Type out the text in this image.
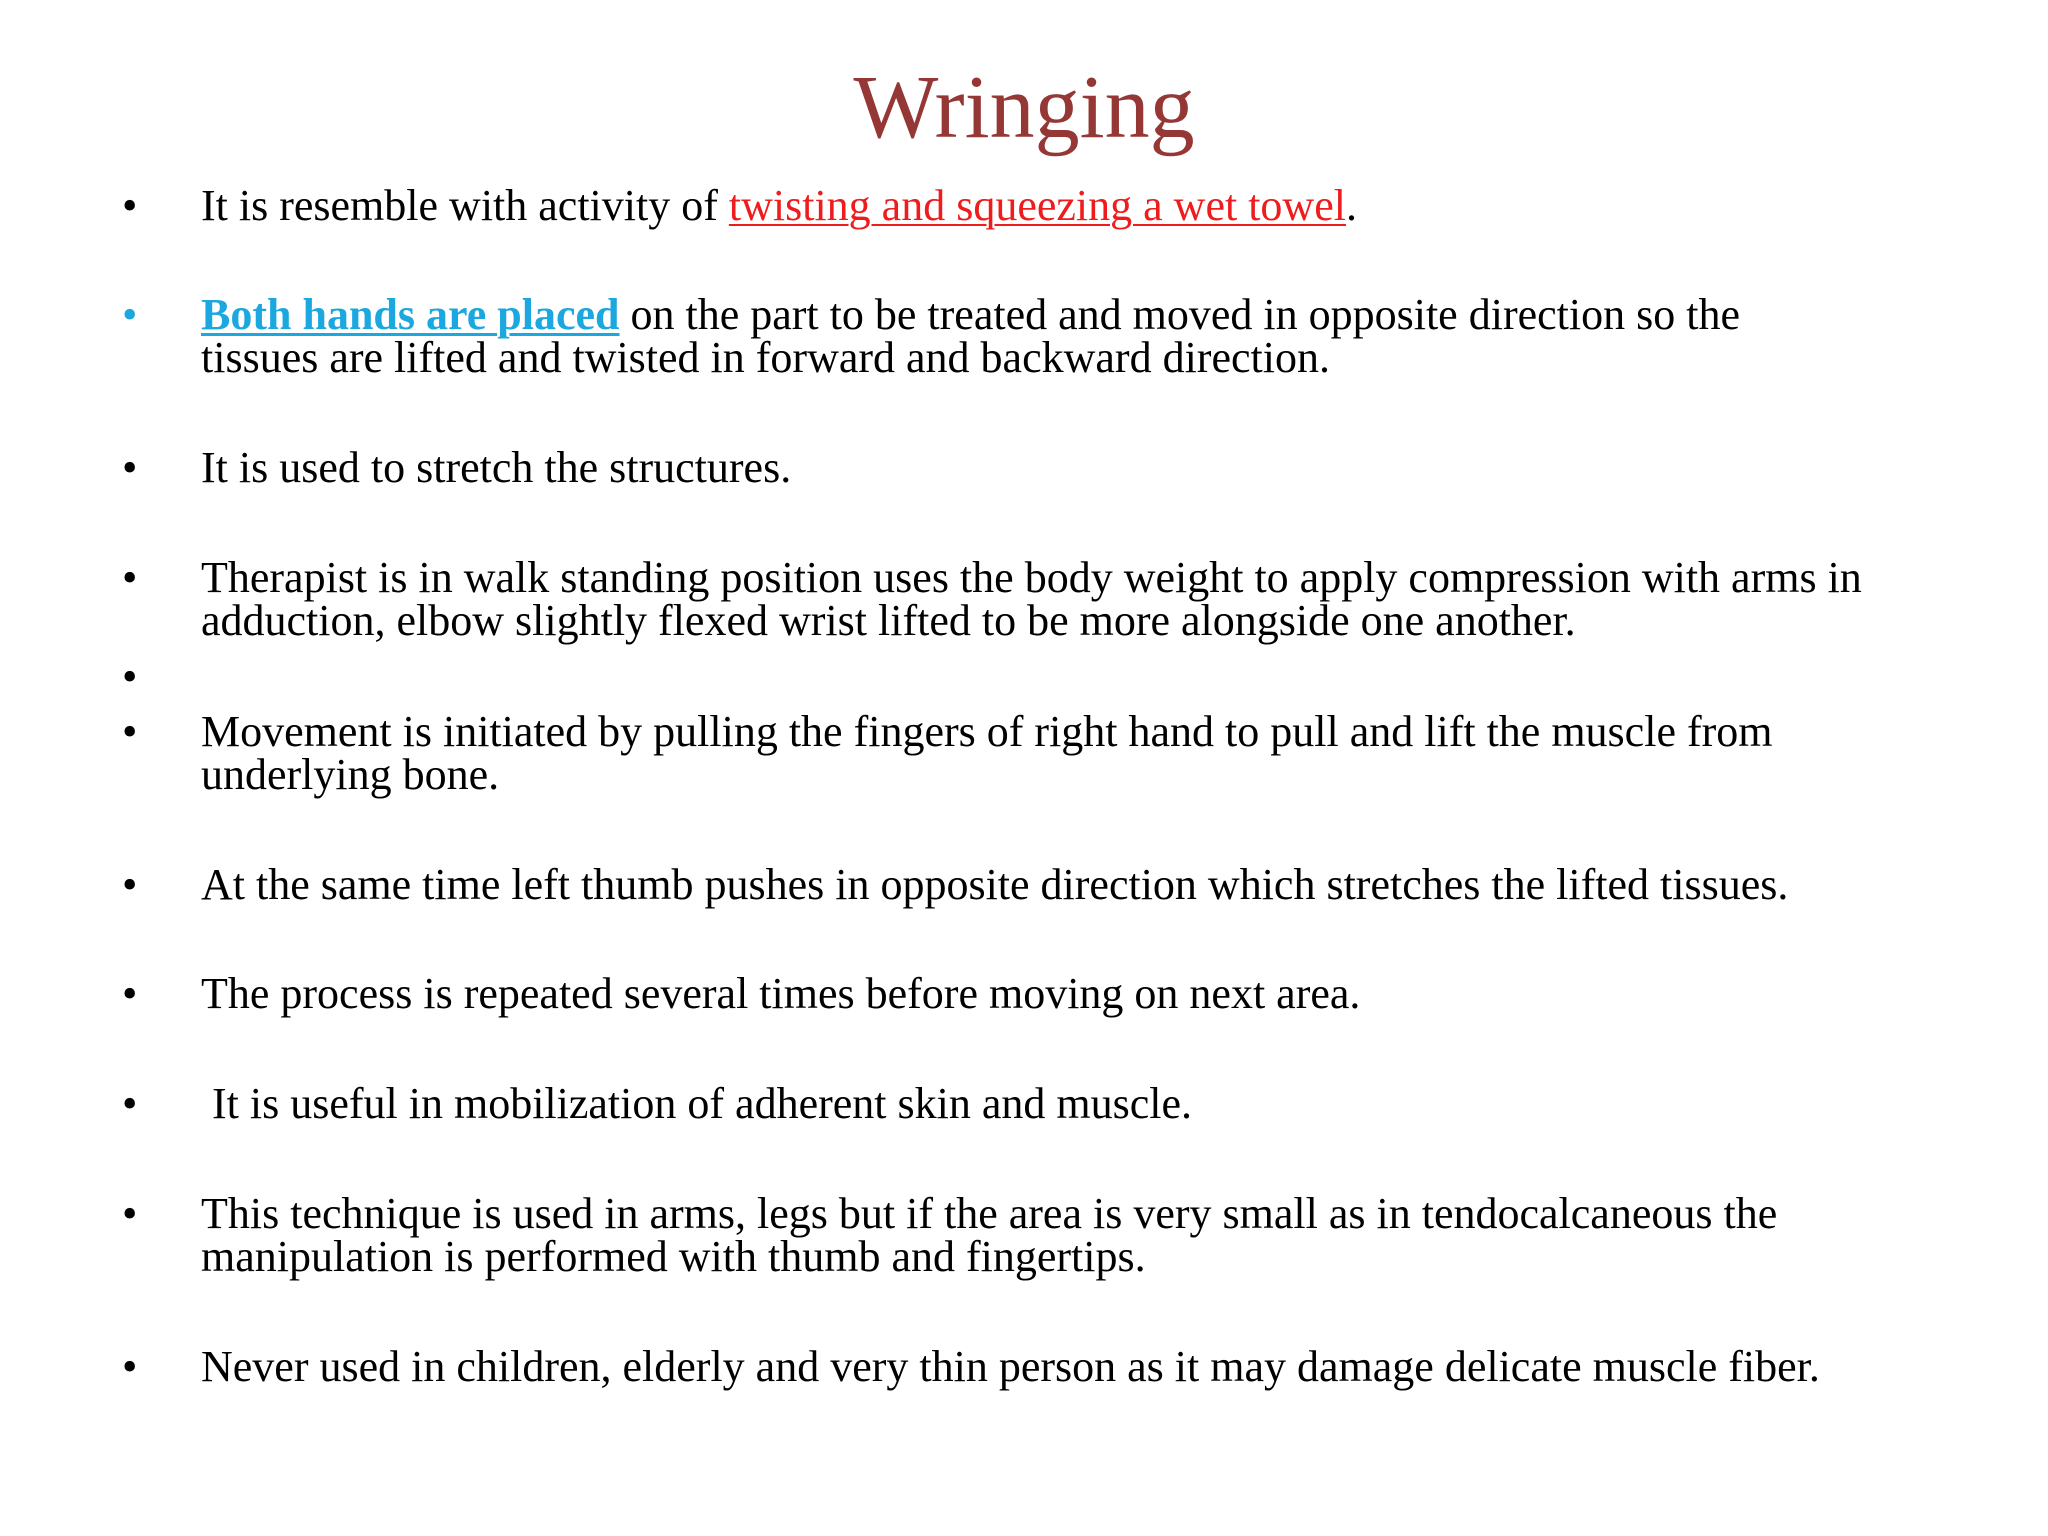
Wringing
• It is resemble with activity of twisting and squeezing a wet towel.
• Both hands are placed on the part to be treated and moved in opposite direction so the
tissues are lifted and twisted in forward and backward direction.
• It is used to stretch the structures.
• Therapist is in walk standing position uses the body weight to apply compression with arms in
adduction, elbow slightly flexed wrist lifted to be more alongside one another.
•
• Movement is initiated by pulling the fingers of right hand to pull and lift the muscle from
underlying bone.
• At the same time left thumb pushes in opposite direction which stretches the lifted tissues.
• The process is repeated several times before moving on next area.
• It is useful in mobilization of adherent skin and muscle.
• This technique is used in arms, legs but if the area is very small as in tendocalcaneous the
manipulation is performed with thumb and fingertips.
• Never used in children, elderly and very thin person as it may damage delicate muscle fiber.
